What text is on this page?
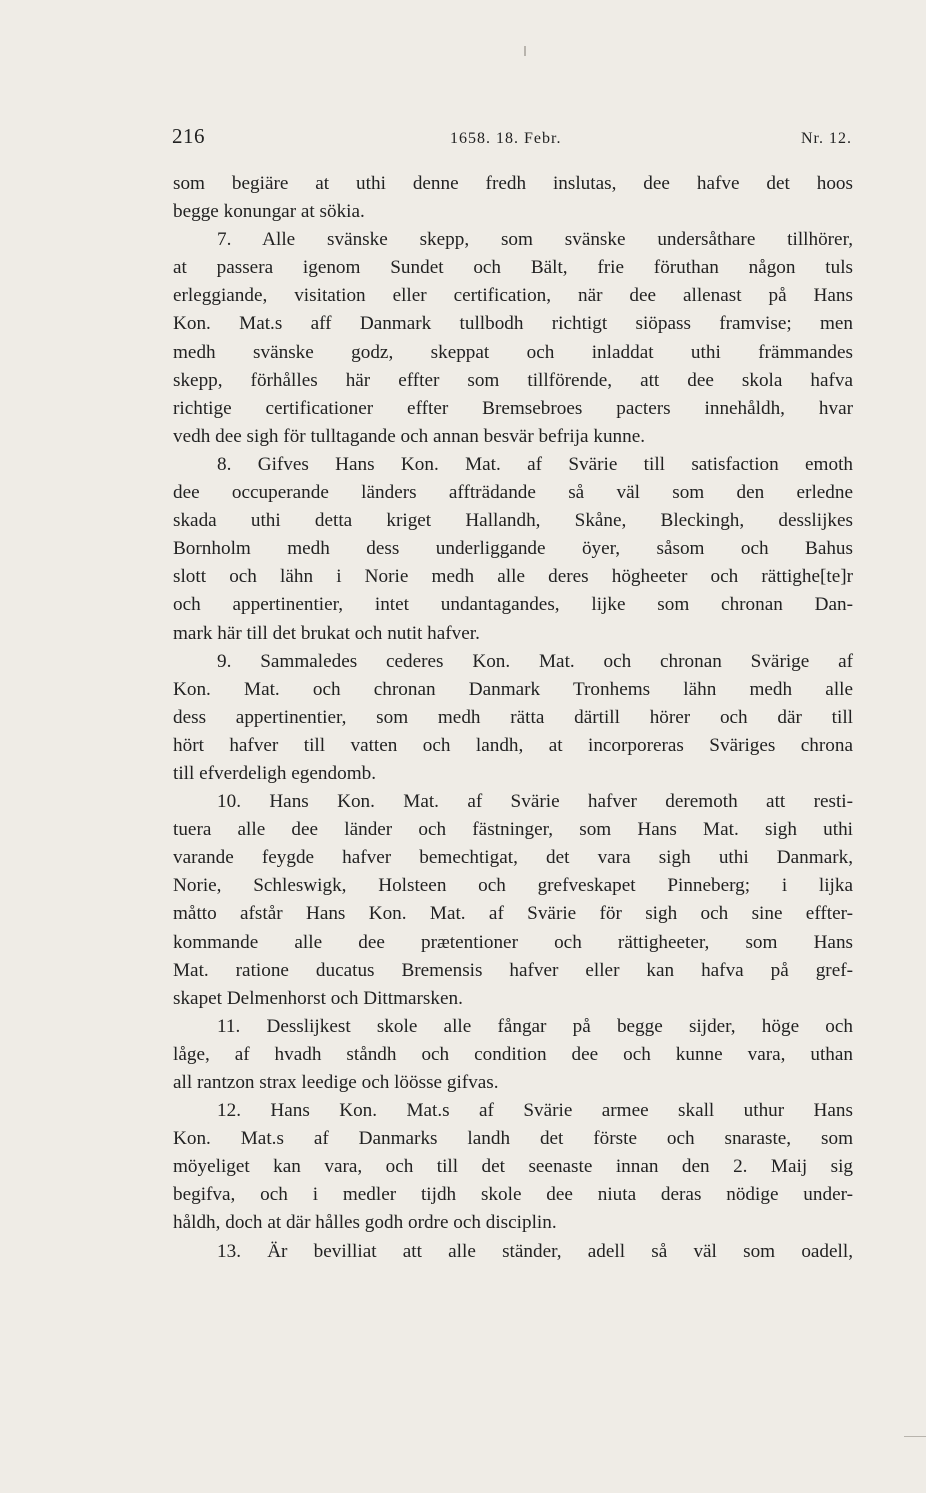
216	1658. 18. Febr.	Nr. 12.
som begiäre at uthi denne fredh inslutas, dee hafve det hoos
begge konungar at sökia.
7. Alle svänske skepp, som svänske undersåthare tillhörer,
at passera igenom Sundet och Bält, frie föruthan någon tuls
erleggiande, visitation eller certification, när dee allenast på Hans
Kon. Mat.s aff Danmark tullbodh richtigt siöpass framvise; men
medh svänske godz, skeppat och inladdat uthi främmandes
skepp, förhålles här effter som tillförende, att dee skola hafva
richtige certificationer effter Bremsebroes pacters innehåldh, hvar
vedh dee sigh för tulltagande och annan besvär befrija kunne.
8. Gifves Hans Kon. Mat. af Svärie till satisfaction emoth
dee occuperande länders affträdande så väl som den erledne
skada uthi detta kriget Hallandh, Skåne, Bleckingh, desslijkes
Bornholm medh dess underliggande öyer, såsom och Bahus
slott och lähn i Norie medh alle deres högheeter och rättighe[te]r
och appertinentier, intet undantagandes, lijke som chronan Dan-
mark här till det brukat och nutit hafver.
9. Sammaledes cederes Kon. Mat. och chronan Svärige af
Kon. Mat. och chronan Danmark Tronhems lähn medh alle
dess appertinentier, som medh rätta därtill hörer och där till
hört hafver till vatten och landh, at incorporeras Sväriges chrona
till efverdeligh egendomb.
10. Hans Kon. Mat. af Svärie hafver deremoth att resti-
tuera alle dee länder och fästninger, som Hans Mat. sigh uthi
varande feygde hafver bemechtigat, det vara sigh uthi Danmark,
Norie, Schleswigk, Holsteen och grefveskapet Pinneberg; i lijka
måtto afstår Hans Kon. Mat. af Svärie för sigh och sine effter-
kommande alle dee prætentioner och rättigheeter, som Hans
Mat. ratione ducatus Bremensis hafver eller kan hafva på gref-
skapet Delmenhorst och Dittmarsken.
11. Desslijkest skole alle fångar på begge sijder, höge och
låge, af hvadh ståndh och condition dee och kunne vara, uthan
all rantzon strax leedige och löösse gifvas.
12. Hans Kon. Mat.s af Svärie armee skall uthur Hans
Kon. Mat.s af Danmarks landh det förste och snaraste, som
möyeliget kan vara, och till det seenaste innan den 2. Maij sig
begifva, och i medler tijdh skole dee niuta deras nödige under-
håldh, doch at där hålles godh ordre och disciplin.
13. Är bevilliat att alle ständer, adell så väl som oadell,
